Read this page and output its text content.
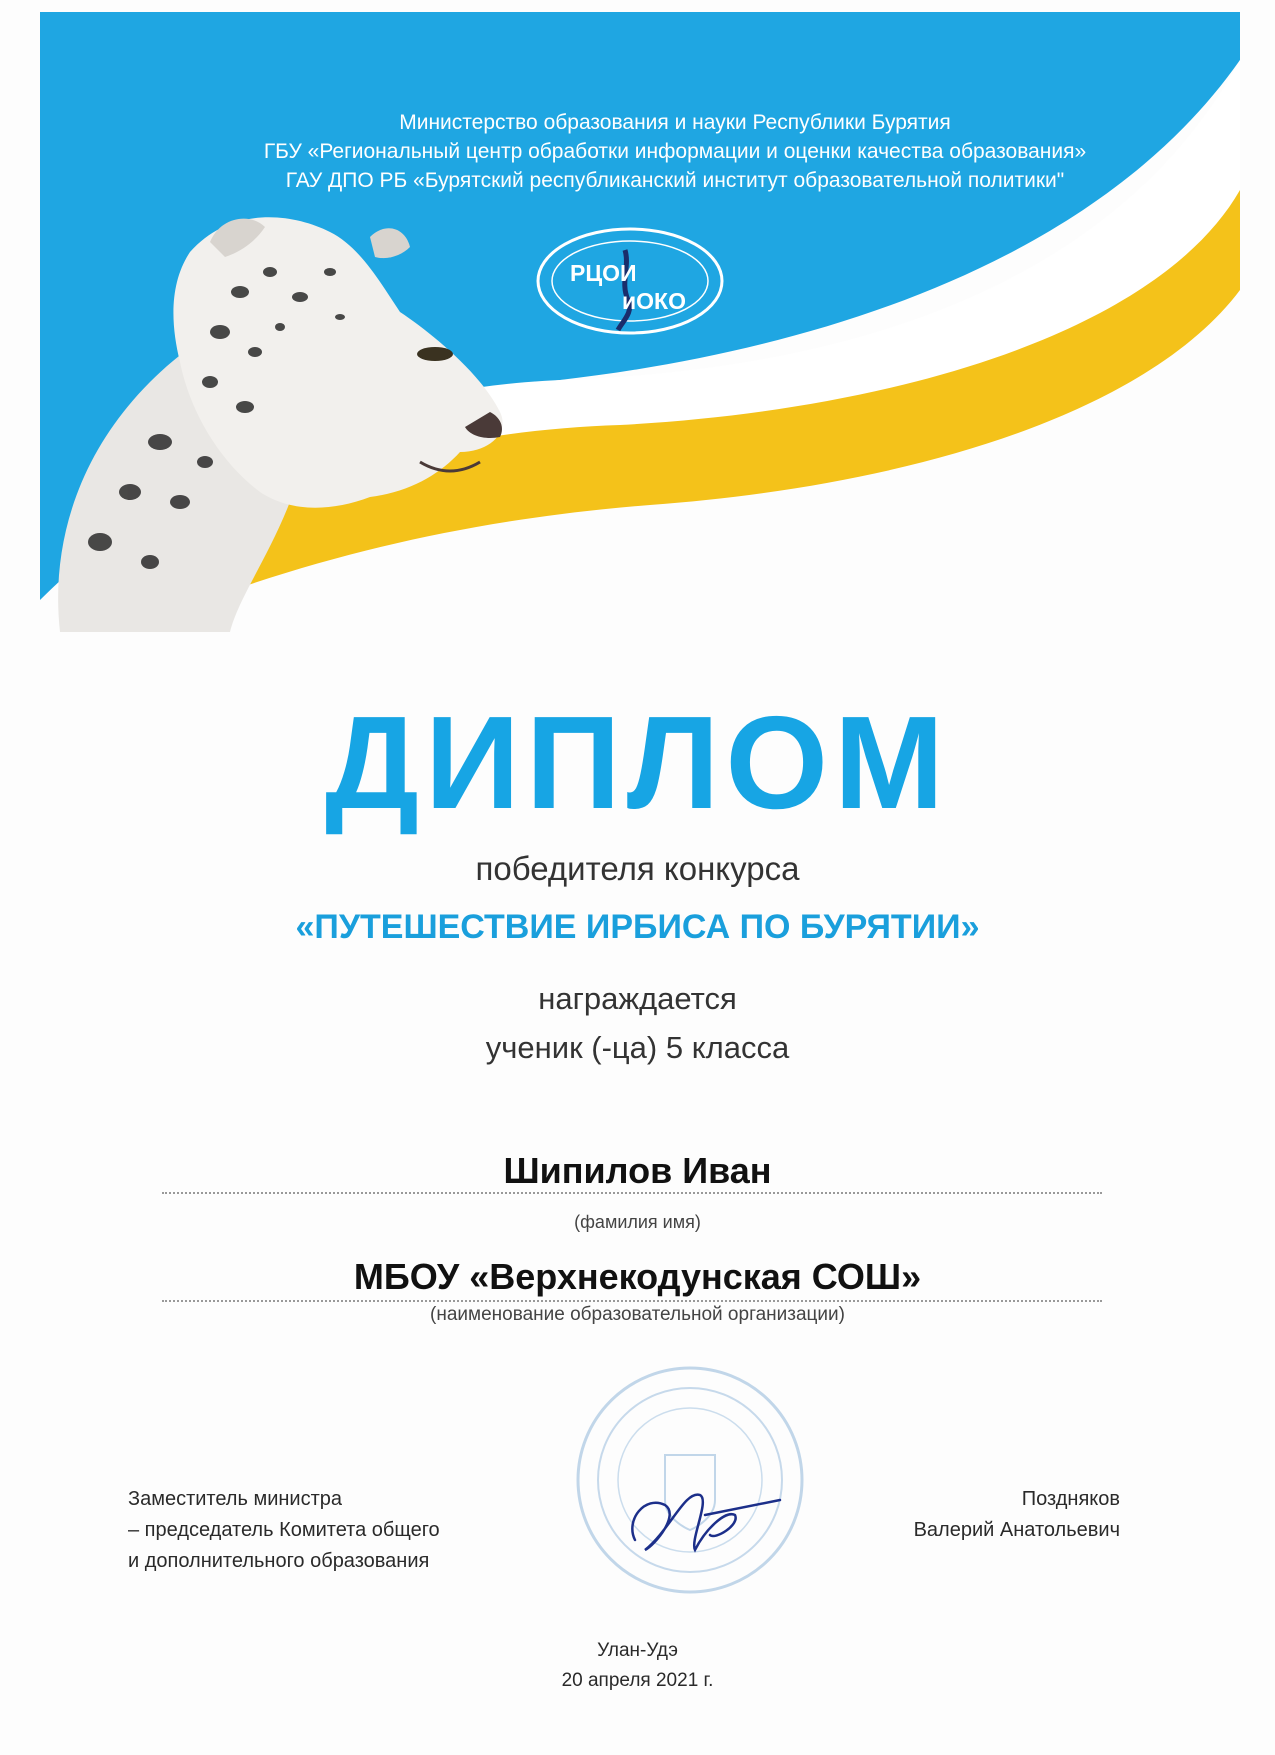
Министерство образования и науки Республики Бурятия
ГБУ «Региональный центр обработки информации и оценки качества образования»
ГАУ ДПО РБ «Бурятский республиканский институт образовательной политики"
РЦОИ
иОКО
ДИПЛОМ
победителя конкурса
«ПУТЕШЕСТВИЕ ИРБИСА ПО БУРЯТИИ»
награждается
ученик (-ца) 5 класса
Шипилов Иван
(фамилия имя)
МБОУ «Верхнекодунская СОШ»
(наименование образовательной организации)
Заместитель министра
– председатель Комитета общего
и дополнительного образования
Поздняков
Валерий Анатольевич
Улан-Удэ
20 апреля 2021 г.
